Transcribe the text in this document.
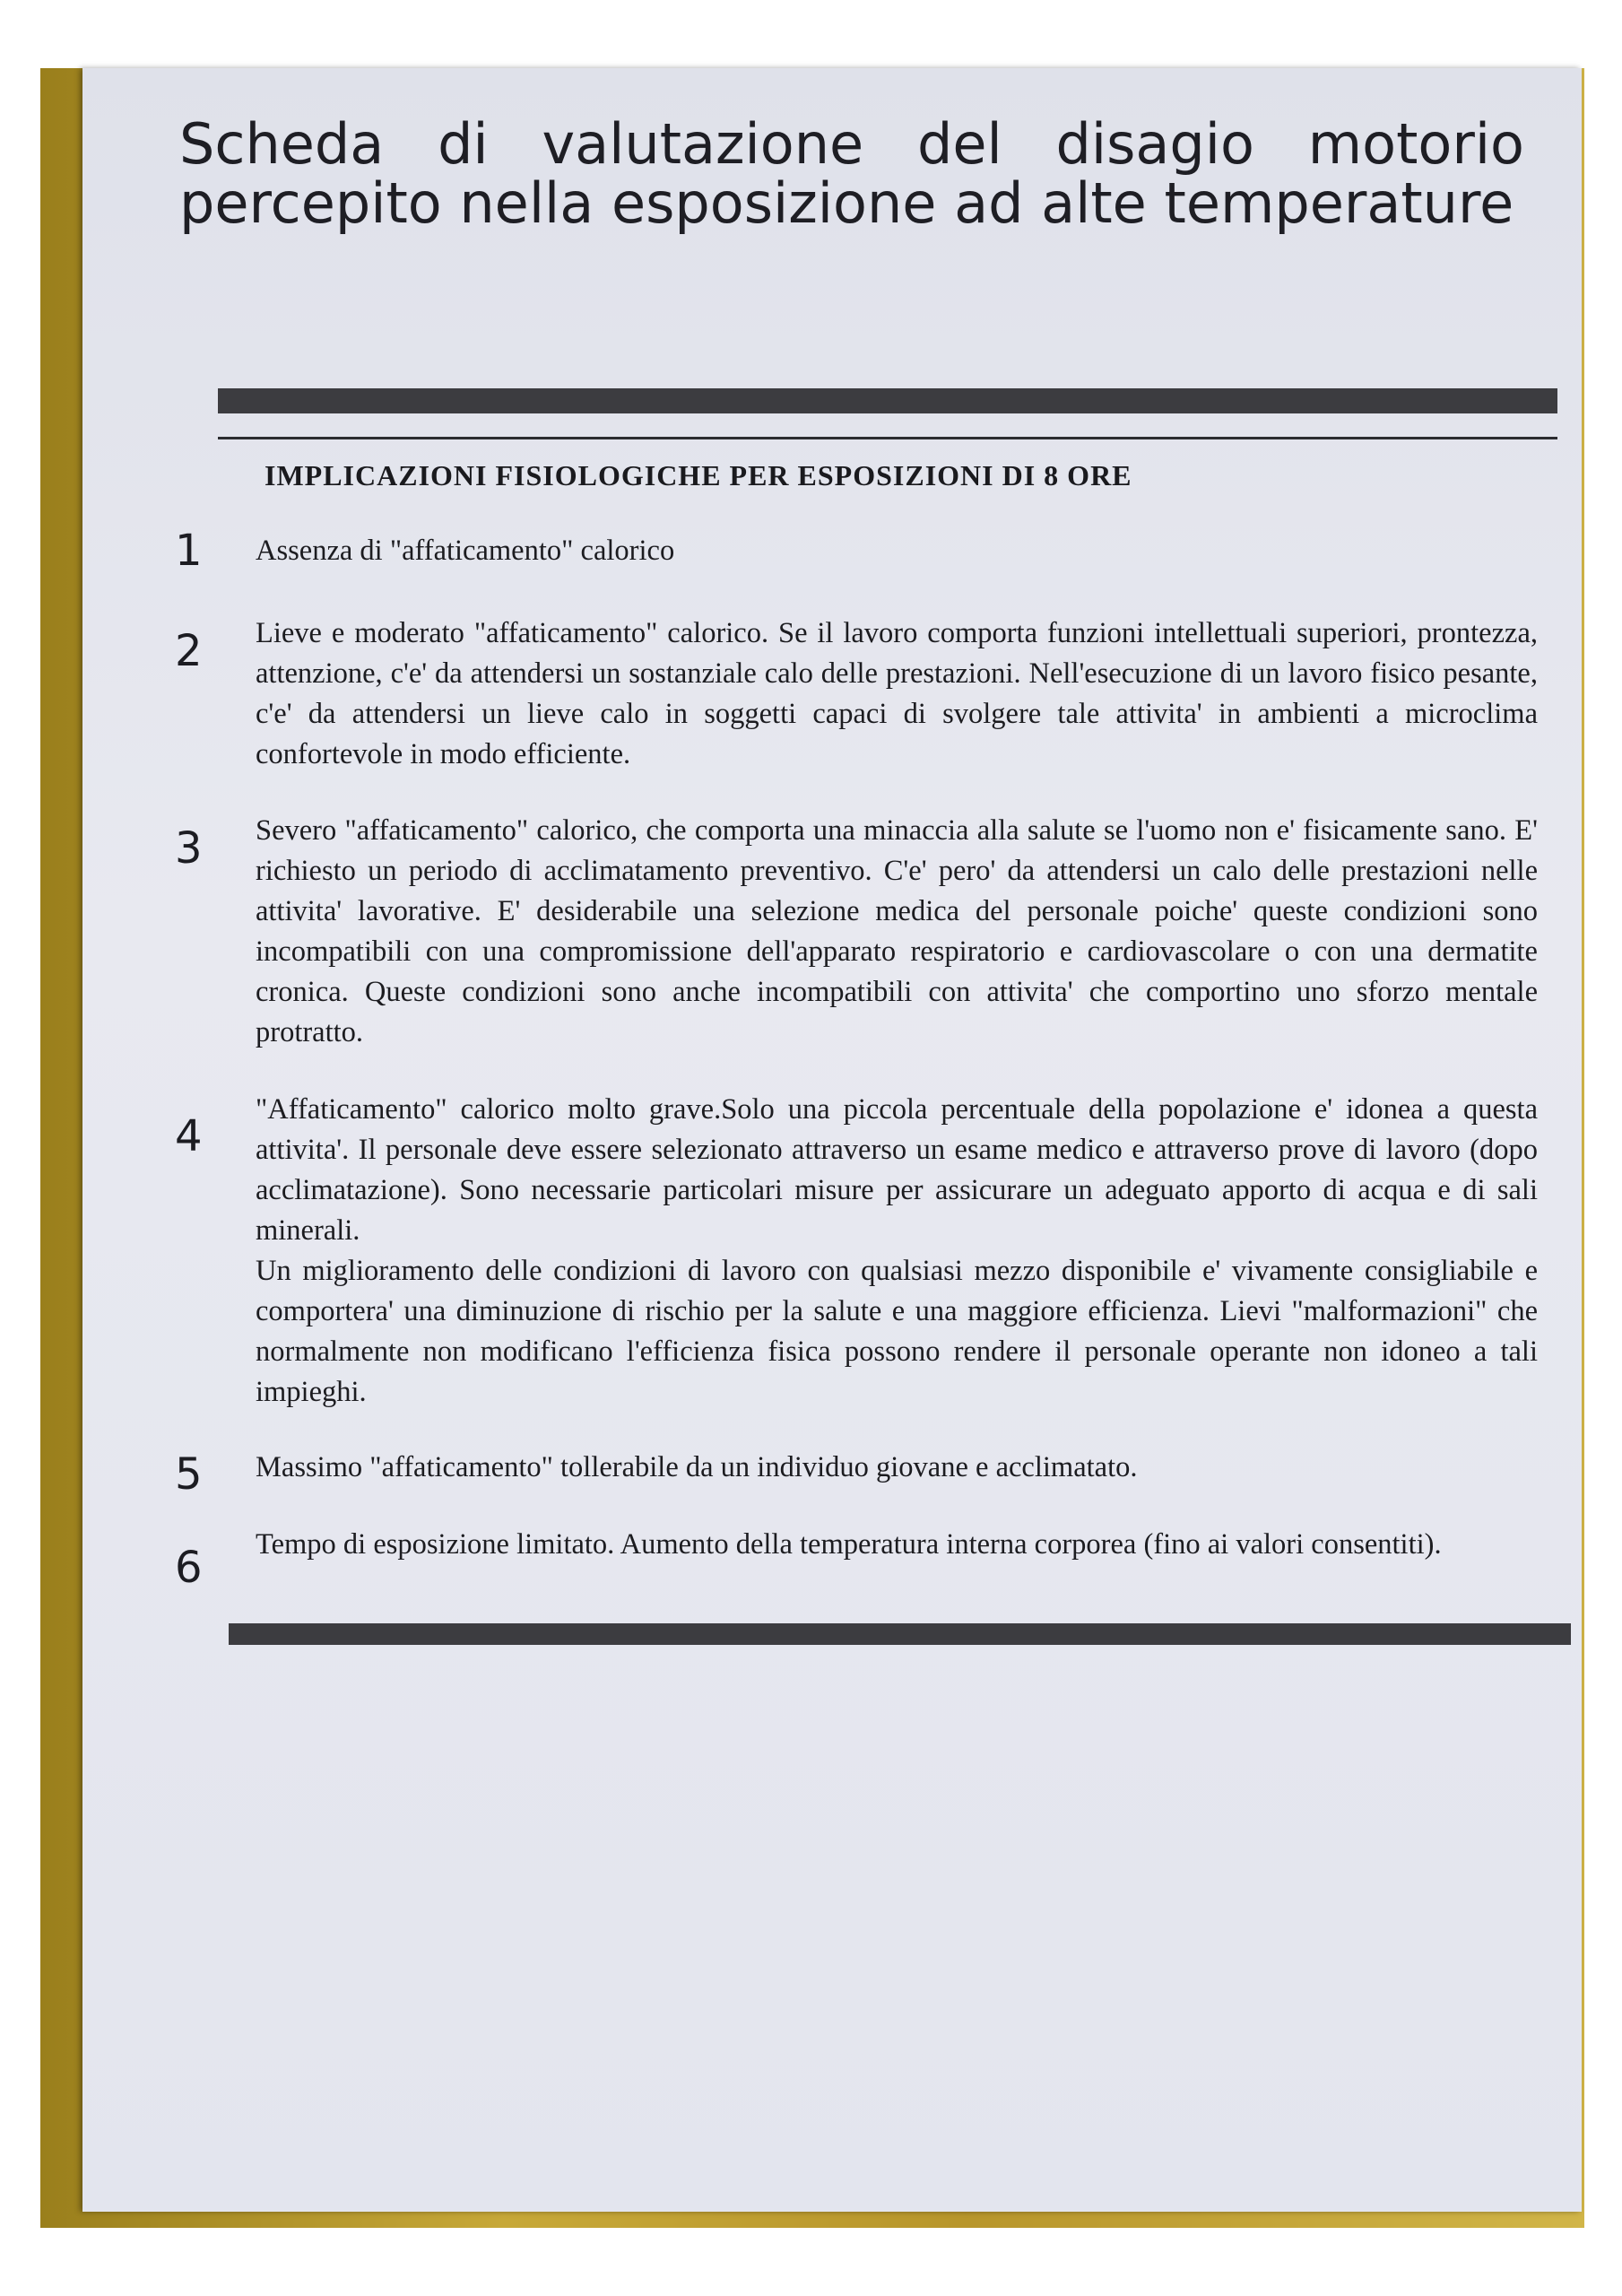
Scheda di valutazione del disagio motorio
percepito nella esposizione ad alte temperature
IMPLICAZIONI FISIOLOGICHE PER ESPOSIZIONI DI 8 ORE
1 Assenza di "affaticamento" calorico

2 Lieve e moderato "affaticamento" calorico. Se il lavoro comporta funzioni intellettuali superiori, prontezza, attenzione, c'e' da attendersi un sostanziale calo delle prestazioni. Nell'esecuzione di un lavoro fisico pesante, c'e' da attendersi un lieve calo in soggetti capaci di svolgere tale attivita' in ambienti a microclima confortevole in modo efficiente.

3 Severo "affaticamento" calorico, che comporta una minaccia alla salute se l'uomo non e' fisicamente sano. E' richiesto un periodo di acclimatamento preventivo. C'e' pero' da attendersi un calo delle prestazioni nelle attivita' lavorative. E' desiderabile una selezione medica del personale poiche' queste condizioni sono incompatibili con una compromissione dell'apparato respiratorio e cardiovascolare o con una dermatite cronica. Queste condizioni sono anche incompatibili con attivita' che comportino uno sforzo mentale protratto.

4

"Affaticamento" calorico molto grave.Solo una piccola percentuale della popolazione e' idonea a questa attivita'. Il personale deve essere selezionato attraverso un esame medico e attraverso prove di lavoro (dopo acclimatazione). Sono necessarie particolari misure per assicurare un adeguato apporto di acqua e di sali minerali.

Un miglioramento delle condizioni di lavoro con qualsiasi mezzo disponibile e' vivamente consigliabile e comportera' una diminuzione di rischio per la salute e una maggiore efficienza. Lievi "malformazioni" che normalmente non modificano l'efficienza fisica possono rendere il personale operante non idoneo a tali impieghi.

5 Massimo "affaticamento" tollerabile da un individuo giovane e acclimatato.

6 Tempo di esposizione limitato. Aumento della temperatura interna corporea (fino ai valori consentiti).
